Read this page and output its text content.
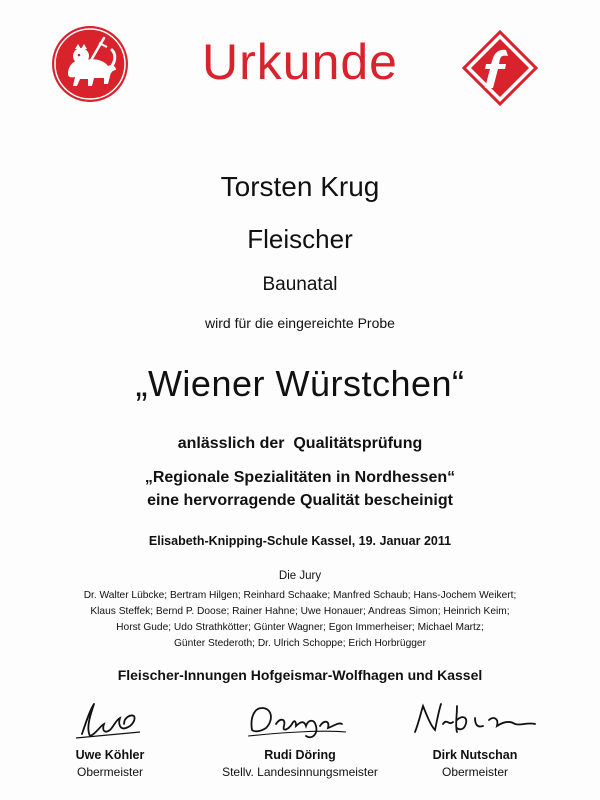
Urkunde
Torsten Krug
Fleischer
Baunatal
wird für die eingereichte Probe
„Wiener Würstchen“
anlässlich der  Qualitätsprüfung
„Regionale Spezialitäten in Nordhessen“
eine hervorragende Qualität bescheinigt
Elisabeth-Knipping-Schule Kassel, 19. Januar 2011
Die Jury
Dr. Walter Lübcke; Bertram Hilgen; Reinhard Schaake; Manfred Schaub; Hans-Jochem Weikert;
Klaus Steffek; Bernd P. Doose; Rainer Hahne; Uwe Honauer; Andreas Simon; Heinrich Keim;
Horst Gude; Udo Strathkötter; Günter Wagner; Egon Immerheiser; Michael Martz;
Günter Stederoth; Dr. Ulrich Schoppe; Erich Horbrügger
Fleischer-Innungen Hofgeismar-Wolfhagen und Kassel
Uwe Köhler
Obermeister
Rudi Döring
Stellv. Landesinnungsmeister
Dirk Nutschan
Obermeister
